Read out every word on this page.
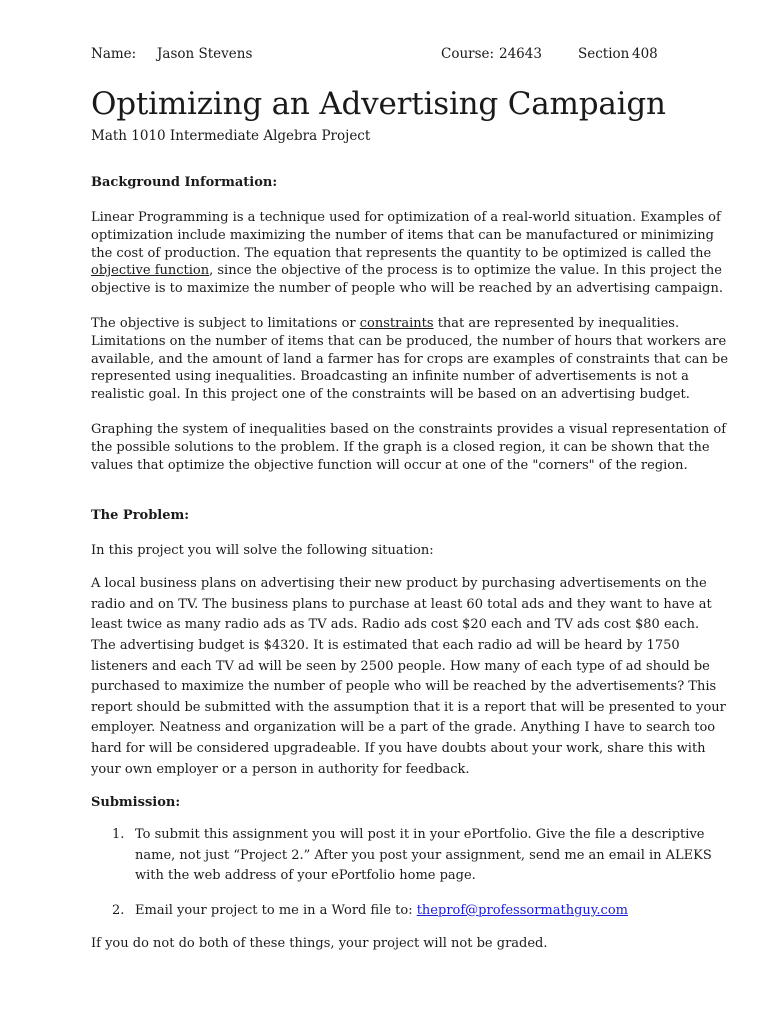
Name: Jason Stevens	Course: 24643	Section 408
Optimizing an Advertising Campaign
Math 1010 Intermediate Algebra Project
Background Information:

Linear Programming is a technique used for optimization of a real-world situation. Examples of

optimization include maximizing the number of items that can be manufactured or minimizing

the cost of production. The equation that represents the quantity to be optimized is called the

objective function, since the objective of the process is to optimize the value. In this project the

objective is to maximize the number of people who will be reached by an advertising campaign.

The objective is subject to limitations or constraints that are represented by inequalities.

Limitations on the number of items that can be produced, the number of hours that workers are

available, and the amount of land a farmer has for crops are examples of constraints that can be

represented using inequalities. Broadcasting an infinite number of advertisements is not a

realistic goal. In this project one of the constraints will be based on an advertising budget.

Graphing the system of inequalities based on the constraints provides a visual representation of

the possible solutions to the problem. If the graph is a closed region, it can be shown that the

values that optimize the objective function will occur at one of the "corners" of the region.

The Problem:

In this project you will solve the following situation:

A local business plans on advertising their new product by purchasing advertisements on the

radio and on TV. The business plans to purchase at least 60 total ads and they want to have at

least twice as many radio ads as TV ads. Radio ads cost $20 each and TV ads cost $80 each.

The advertising budget is $4320. It is estimated that each radio ad will be heard by 1750

listeners and each TV ad will be seen by 2500 people. How many of each type of ad should be

purchased to maximize the number of people who will be reached by the advertisements? This

report should be submitted with the assumption that it is a report that will be presented to your

employer. Neatness and organization will be a part of the grade. Anything I have to search too

hard for will be considered upgradeable. If you have doubts about your work, share this with

your own employer or a person in authority for feedback.

Submission:
1. To submit this assignment you will post it in your ePortfolio. Give the file a descriptive
name, not just “Project 2.” After you post your assignment, send me an email in ALEKS
with the web address of your ePortfolio home page.
2. Email your project to me in a Word file to: theprof@professormathguy.com

If you do not do both of these things, your project will not be graded.
